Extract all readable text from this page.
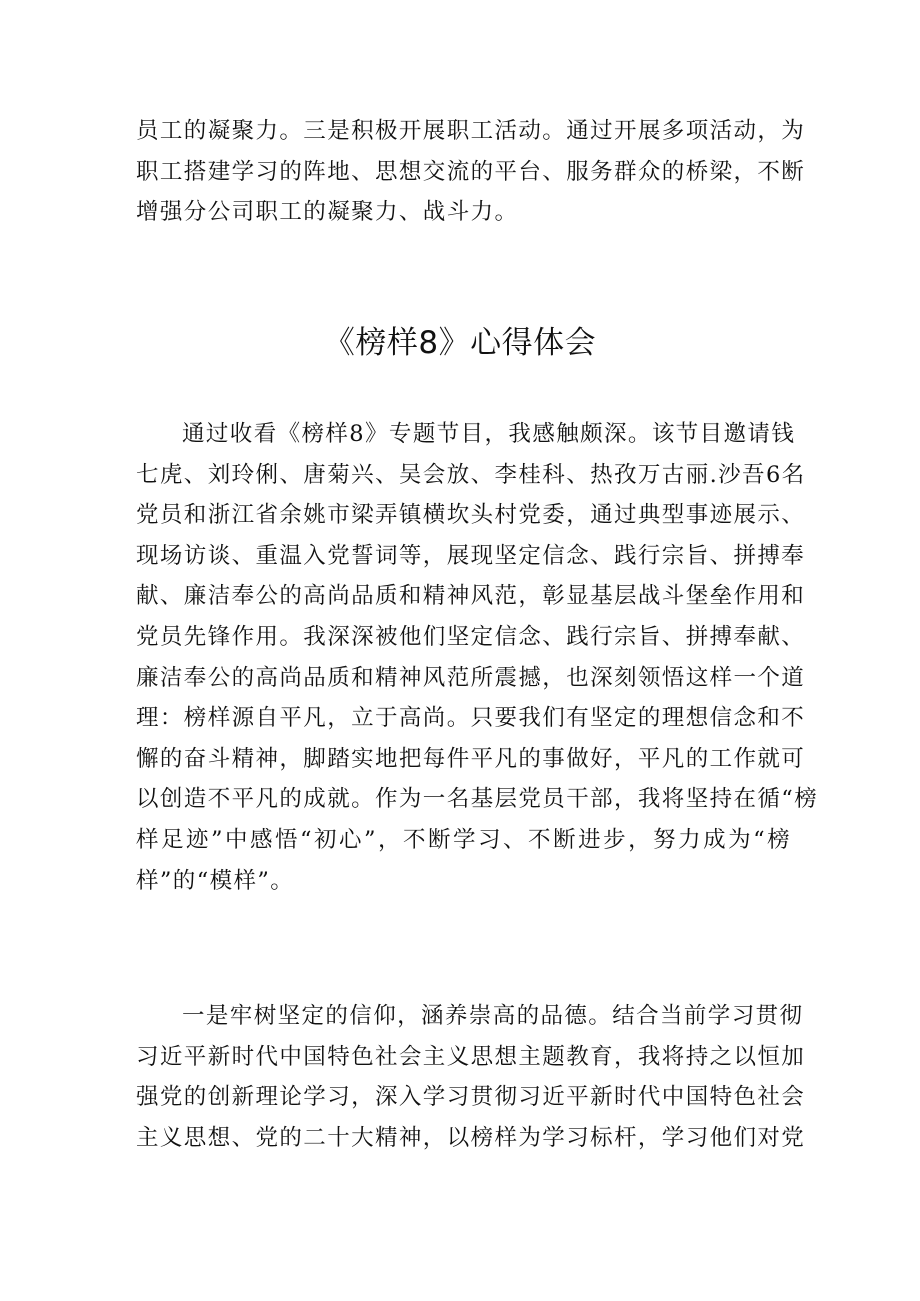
员工的凝聚力。三是积极开展职工活动。通过开展多项活动，为
职工搭建学习的阵地、思想交流的平台、服务群众的桥梁，不断
增强分公司职工的凝聚力、战斗力。
《榜样8》心得体会
通过收看《榜样8》专题节目，我感触颇深。该节目邀请钱
七虎、刘玲俐、唐菊兴、吴会放、李桂科、热孜万古丽.沙吾6名
党员和浙江省余姚市梁弄镇横坎头村党委，通过典型事迹展示、
现场访谈、重温入党誓词等，展现坚定信念、践行宗旨、拼搏奉
献、廉洁奉公的高尚品质和精神风范，彰显基层战斗堡垒作用和
党员先锋作用。我深深被他们坚定信念、践行宗旨、拼搏奉献、
廉洁奉公的高尚品质和精神风范所震撼，也深刻领悟这样一个道
理：榜样源自平凡，立于高尚。只要我们有坚定的理想信念和不
懈的奋斗精神，脚踏实地把每件平凡的事做好，平凡的工作就可
以创造不平凡的成就。作为一名基层党员干部，我将坚持在循“榜
样足迹”中感悟“初心”，不断学习、不断进步，努力成为“榜
样”的“模样”。
一是牢树坚定的信仰，涵养崇高的品德。结合当前学习贯彻
习近平新时代中国特色社会主义思想主题教育，我将持之以恒加
强党的创新理论学习，深入学习贯彻习近平新时代中国特色社会
主义思想、党的二十大精神，以榜样为学习标杆，学习他们对党
